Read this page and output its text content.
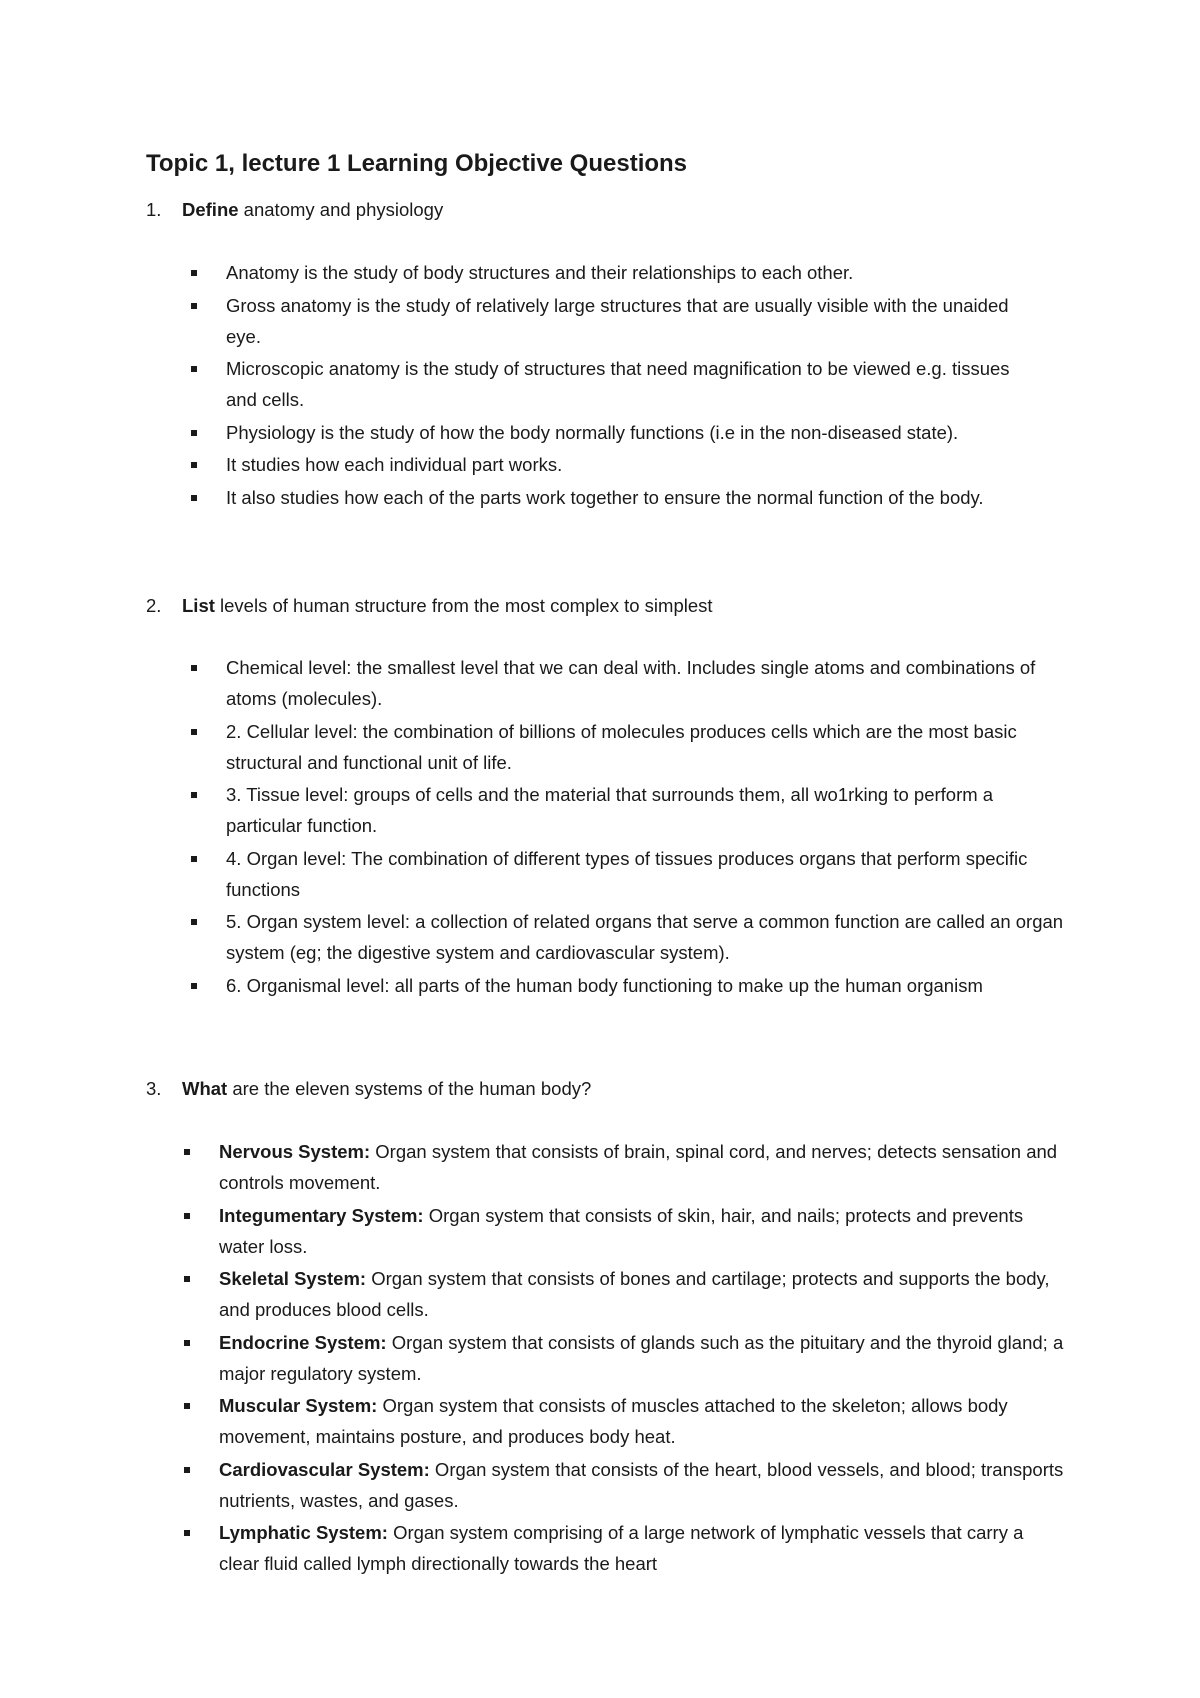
Topic 1, lecture 1 Learning Objective Questions

1. Define anatomy and physiology

Anatomy is the study of body structures and their relationships to each other.
Gross anatomy is the study of relatively large structures that are usually visible with the unaided eye.
Microscopic anatomy is the study of structures that need magnification to be viewed e.g. tissues and cells.
Physiology is the study of how the body normally functions (i.e in the non-diseased state).
It studies how each individual part works.
It also studies how each of the parts work together to ensure the normal function of the body.

2. List levels of human structure from the most complex to simplest

Chemical level: the smallest level that we can deal with. Includes single atoms and combinations of atoms (molecules).
2. Cellular level: the combination of billions of molecules produces cells which are the most basic structural and functional unit of life.
3. Tissue level: groups of cells and the material that surrounds them, all wo1rking to perform a particular function.
4. Organ level: The combination of different types of tissues produces organs that perform specific functions
5. Organ system level: a collection of related organs that serve a common function are called an organ system (eg; the digestive system and cardiovascular system).
6. Organismal level: all parts of the human body functioning to make up the human organism

3. What are the eleven systems of the human body?

Nervous System: Organ system that consists of brain, spinal cord, and nerves; detects sensation and controls movement.
Integumentary System: Organ system that consists of skin, hair, and nails; protects and prevents water loss.
Skeletal System: Organ system that consists of bones and cartilage; protects and supports the body, and produces blood cells.
Endocrine System: Organ system that consists of glands such as the pituitary and the thyroid gland; a major regulatory system.
Muscular System: Organ system that consists of muscles attached to the skeleton; allows body movement, maintains posture, and produces body heat.
Cardiovascular System: Organ system that consists of the heart, blood vessels, and blood; transports nutrients, wastes, and gases.
Lymphatic System: Organ system comprising of a large network of lymphatic vessels that carry a clear fluid called lymph directionally towards the heart
